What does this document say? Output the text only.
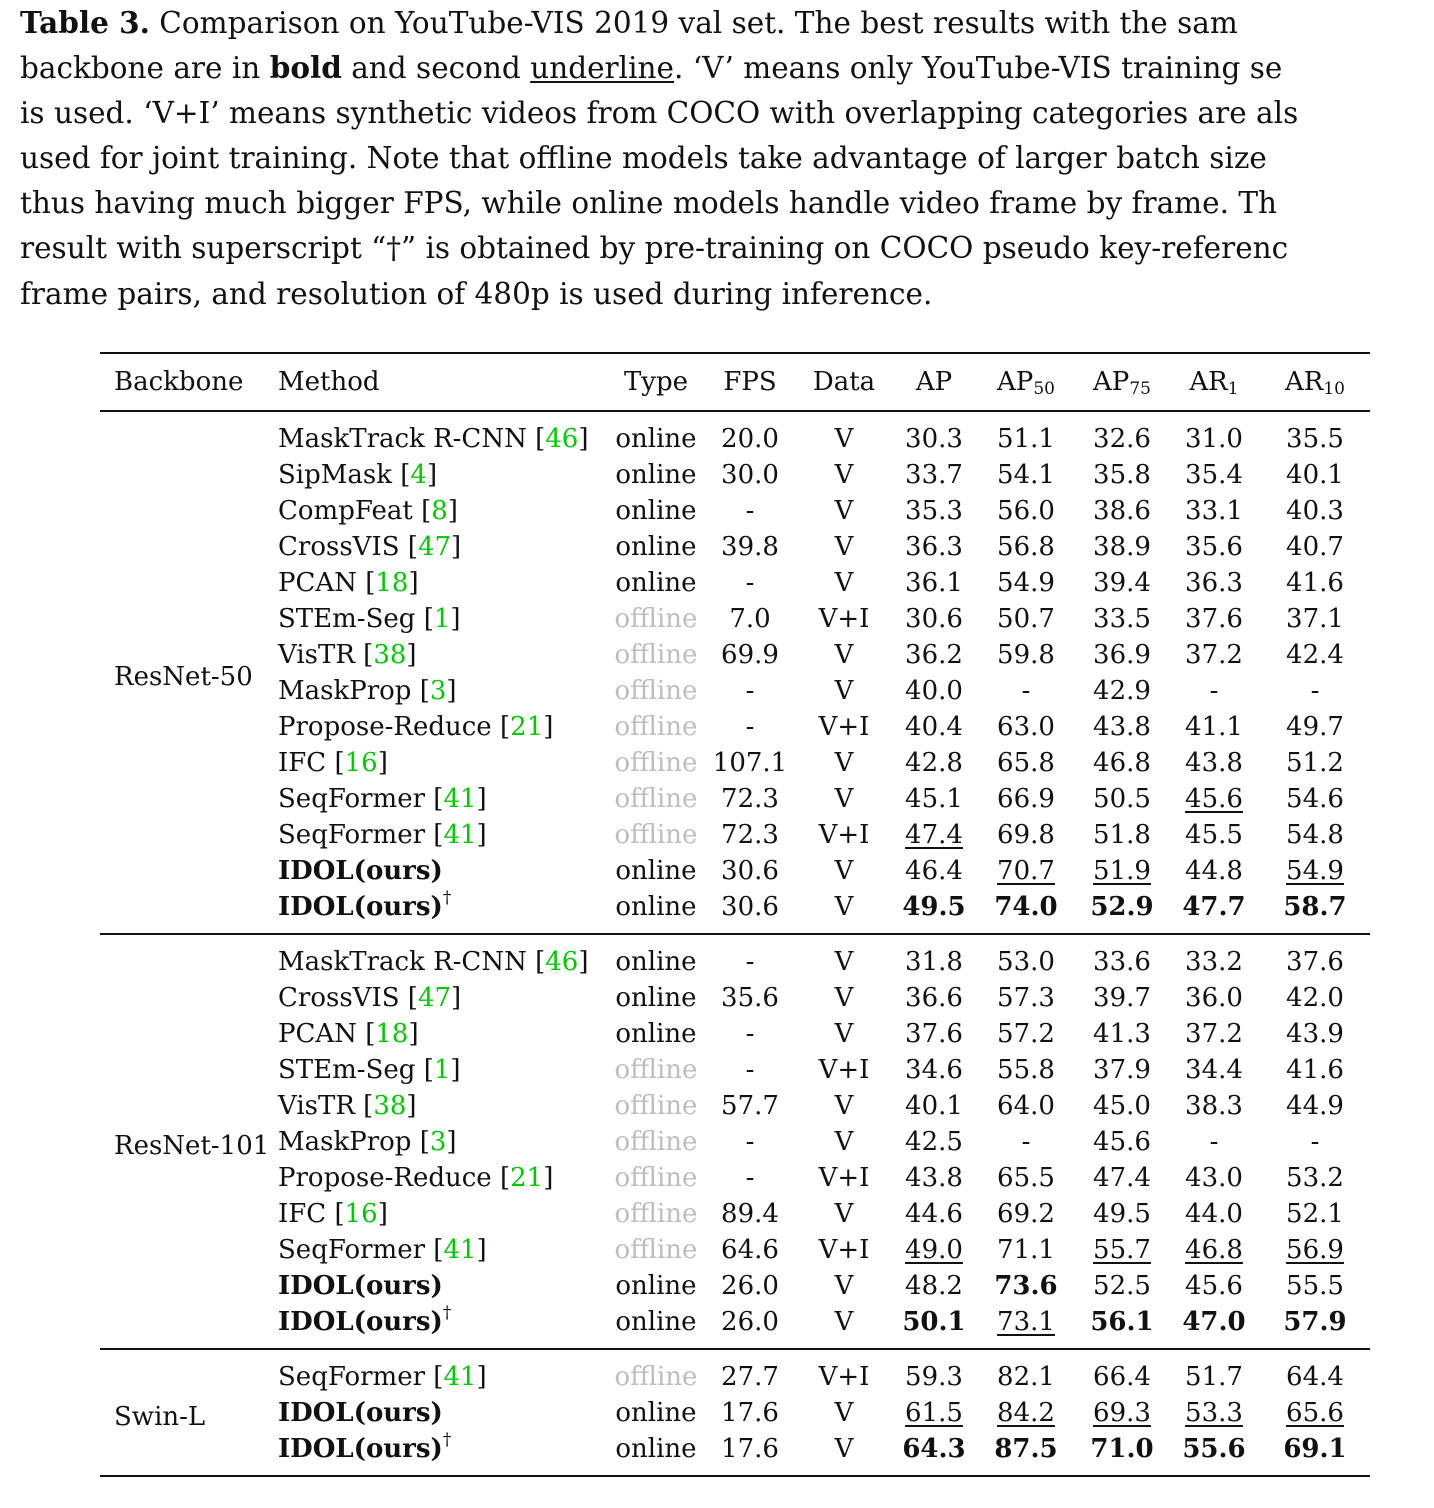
Table 3. Comparison on YouTube-VIS 2019 val set. The best results with the sam
backbone are in bold and second underline. ‘V’ means only YouTube-VIS training se
is used. ‘V+I’ means synthetic videos from COCO with overlapping categories are als
used for joint training. Note that offline models take advantage of larger batch size
thus having much bigger FPS, while online models handle video frame by frame. Th
result with superscript “†” is obtained by pre-training on COCO pseudo key-referenc
frame pairs, and resolution of 480p is used during inference.
Backbone	Method	Type	FPS	Data	AP	$AP_{50}$	$AP_{75}$	$AR_1$	$AR_{10}$
ResNet-50	MaskTrack R-CNN [46]	online	20.0	V	30.3	51.1	32.6	31.0	35.5
	SipMask [4]	online	30.0	V	33.7	54.1	35.8	35.4	40.1
	CompFeat [8]	online	-	V	35.3	56.0	38.6	33.1	40.3
	CrossVIS [47]	online	39.8	V	36.3	56.8	38.9	35.6	40.7
	PCAN [18]	online	-	V	36.1	54.9	39.4	36.3	41.6
	STEm-Seg [1]	offline	7.0	V+I	30.6	50.7	33.5	37.6	37.1
	VisTR [38]	offline	69.9	V	36.2	59.8	36.9	37.2	42.4
	MaskProp [3]	offline	-	V	40.0	-	42.9	-	-
	Propose-Reduce [21]	offline	-	V+I	40.4	63.0	43.8	41.1	49.7
	IFC [16]	offline	107.1	V	42.8	65.8	46.8	43.8	51.2
	SeqFormer [41]	offline	72.3	V	45.1	66.9	50.5	45.6	54.6
	SeqFormer [41]	offline	72.3	V+I	47.4	69.8	51.8	45.5	54.8
	IDOL(ours)	online	30.6	V	46.4	70.7	51.9	44.8	54.9
	IDOL(ours)†	online	30.6	V	49.5	74.0	52.9	47.7	58.7
ResNet-101	MaskTrack R-CNN [46]	online	-	V	31.8	53.0	33.6	33.2	37.6
	CrossVIS [47]	online	35.6	V	36.6	57.3	39.7	36.0	42.0
	PCAN [18]	online	-	V	37.6	57.2	41.3	37.2	43.9
	STEm-Seg [1]	offline	-	V+I	34.6	55.8	37.9	34.4	41.6
	VisTR [38]	offline	57.7	V	40.1	64.0	45.0	38.3	44.9
	MaskProp [3]	offline	-	V	42.5	-	45.6	-	-
	Propose-Reduce [21]	offline	-	V+I	43.8	65.5	47.4	43.0	53.2
	IFC [16]	offline	89.4	V	44.6	69.2	49.5	44.0	52.1
	SeqFormer [41]	offline	64.6	V+I	49.0	71.1	55.7	46.8	56.9
	IDOL(ours)	online	26.0	V	48.2	73.6	52.5	45.6	55.5
	IDOL(ours)†	online	26.0	V	50.1	73.1	56.1	47.0	57.9
Swin-L	SeqFormer [41]	offline	27.7	V+I	59.3	82.1	66.4	51.7	64.4
	IDOL(ours)	online	17.6	V	61.5	84.2	69.3	53.3	65.6
	IDOL(ours)†	online	17.6	V	64.3	87.5	71.0	55.6	69.1
